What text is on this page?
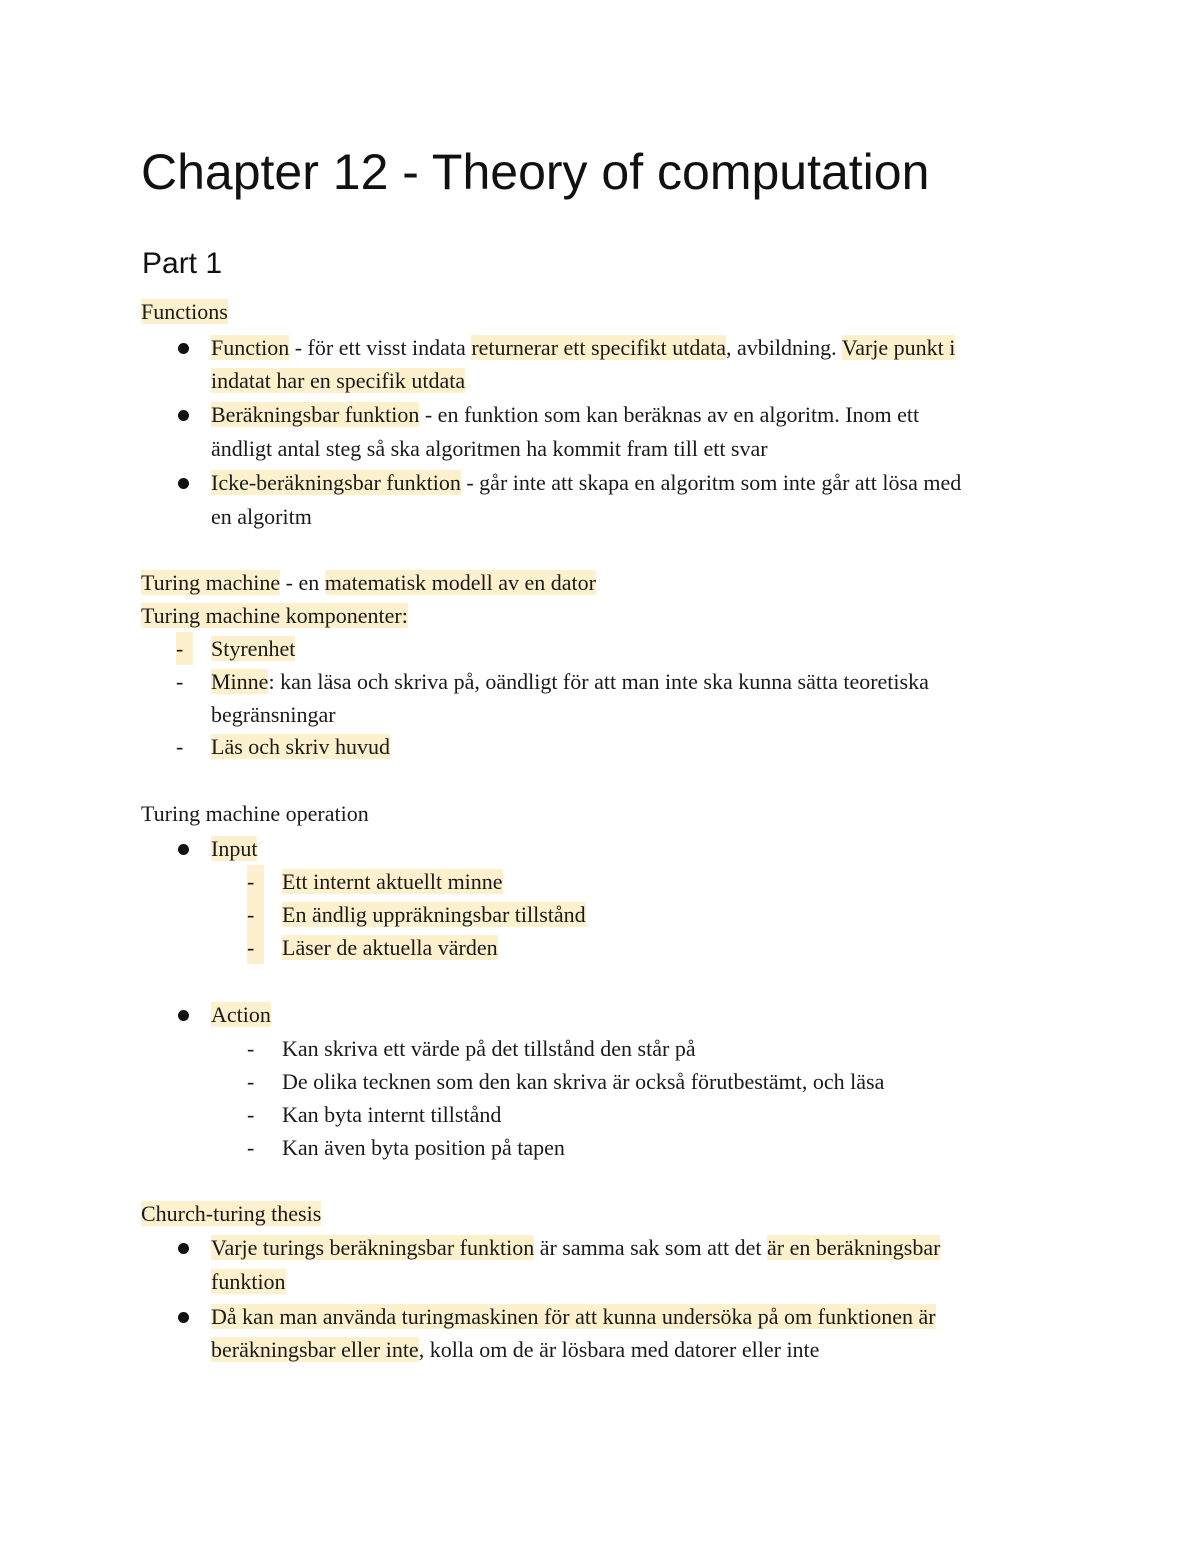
Chapter 12 - Theory of computation
Part 1

Functions

Function - för ett visst indata returnerar ett specifikt utdata, avbildning. Varje punkt i

indatat har en specifik utdata

Beräkningsbar funktion - en funktion som kan beräknas av en algoritm. Inom ett

ändligt antal steg så ska algoritmen ha kommit fram till ett svar

Icke-beräkningsbar funktion - går inte att skapa en algoritm som inte går att lösa med

en algoritm

Turing machine - en matematisk modell av en dator

Turing machine komponenter:

-	Styrenhet

- Minne: kan läsa och skriva på, oändligt för att man inte ska kunna sätta teoretiska

begränsningar

- Läs och skriv huvud

Turing machine operation

Input

-	Ett internt aktuellt minne

-	En ändlig uppräkningsbar tillstånd

-	Läser de aktuella värden

Action

- Kan skriva ett värde på det tillstånd den står på

- De olika tecknen som den kan skriva är också förutbestämt, och läsa

- Kan byta internt tillstånd

- Kan även byta position på tapen

Church-turing thesis

Varje turings beräkningsbar funktion är samma sak som att det är en beräkningsbar

funktion

Då kan man använda turingmaskinen för att kunna undersöka på om funktionen är

beräkningsbar eller inte, kolla om de är lösbara med datorer eller inte
